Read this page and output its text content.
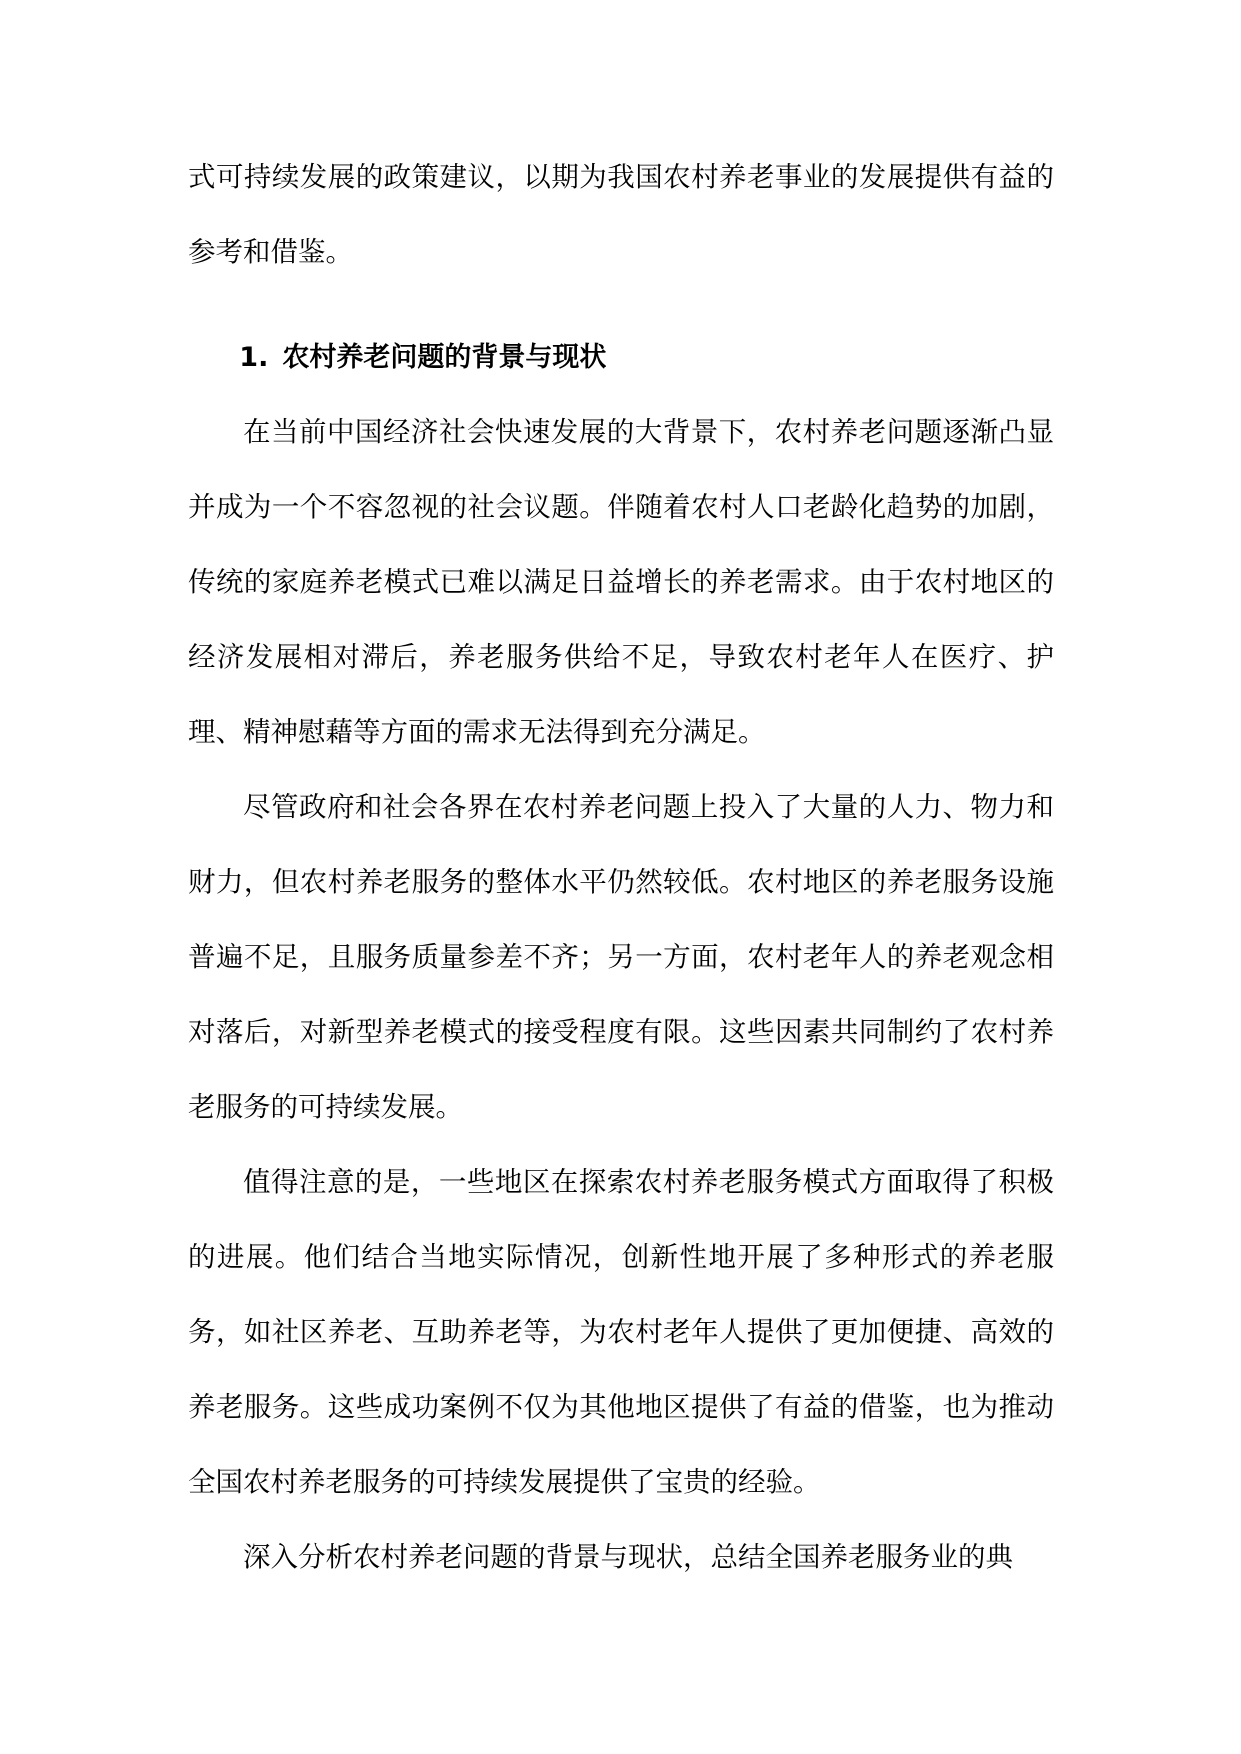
式可持续发展的政策建议，以期为我国农村养老事业的发展提供有益的参考和借鉴。

1. 农村养老问题的背景与现状

在当前中国经济社会快速发展的大背景下，农村养老问题逐渐凸显并成为一个不容忽视的社会议题。伴随着农村人口老龄化趋势的加剧，传统的家庭养老模式已难以满足日益增长的养老需求。由于农村地区的经济发展相对滞后，养老服务供给不足，导致农村老年人在医疗、护理、精神慰藉等方面的需求无法得到充分满足。

尽管政府和社会各界在农村养老问题上投入了大量的人力、物力和财力，但农村养老服务的整体水平仍然较低。农村地区的养老服务设施普遍不足，且服务质量参差不齐；另一方面，农村老年人的养老观念相对落后，对新型养老模式的接受程度有限。这些因素共同制约了农村养老服务的可持续发展。

值得注意的是，一些地区在探索农村养老服务模式方面取得了积极的进展。他们结合当地实际情况，创新性地开展了多种形式的养老服务，如社区养老、互助养老等，为农村老年人提供了更加便捷、高效的养老服务。这些成功案例不仅为其他地区提供了有益的借鉴，也为推动全国农村养老服务的可持续发展提供了宝贵的经验。

深入分析农村养老问题的背景与现状，总结全国养老服务业的典
